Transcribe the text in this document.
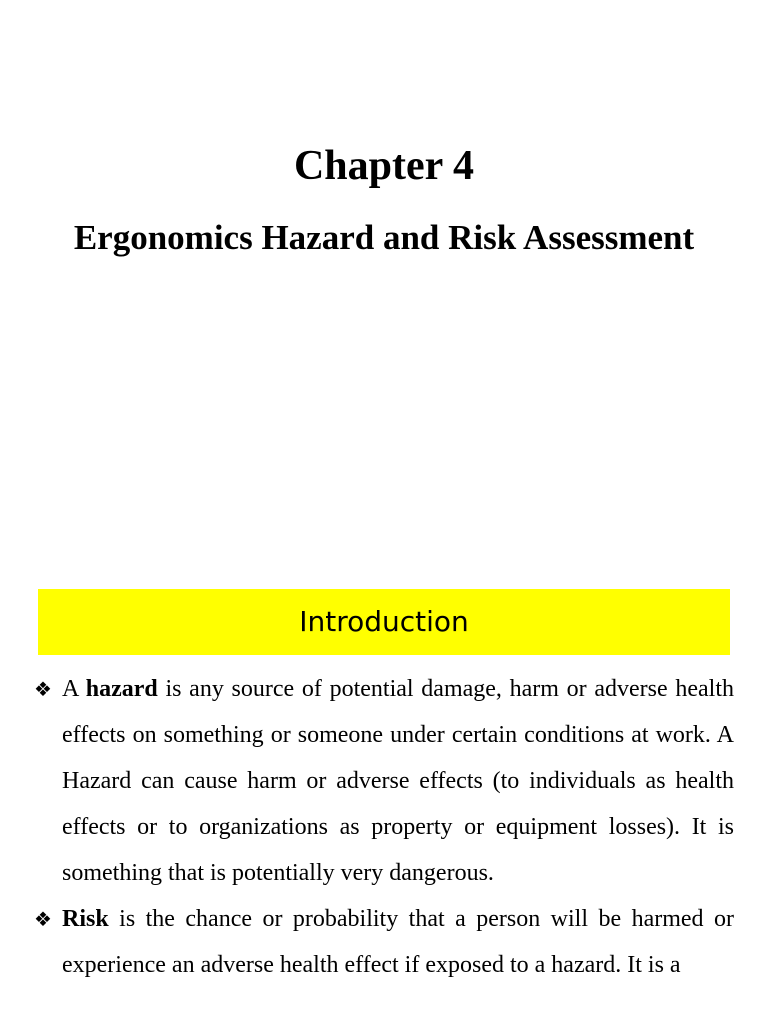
Chapter 4
Ergonomics Hazard and Risk Assessment
Introduction
❖ A hazard is any source of potential damage, harm or adverse health effects on something or someone under certain conditions at work. A Hazard can cause harm or adverse effects (to individuals as health effects or to organizations as property or equipment losses). It is something that is potentially very dangerous.
❖ Risk is the chance or probability that a person will be harmed or experience an adverse health effect if exposed to a hazard. It is a
